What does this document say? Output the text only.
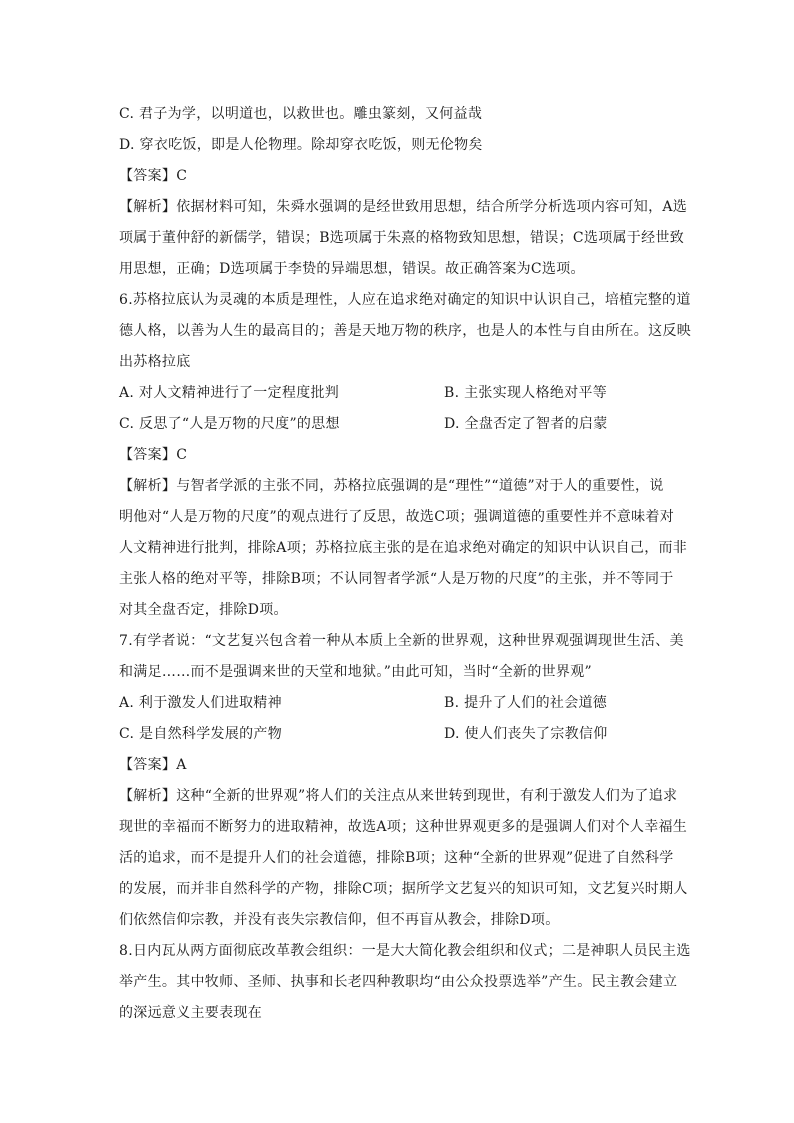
C. 君子为学，以明道也，以救世也。雕虫篆刻，又何益哉
D. 穿衣吃饭，即是人伦物理。除却穿衣吃饭，则无伦物矣
【答案】C
【解析】依据材料可知，朱舜水强调的是经世致用思想，结合所学分析选项内容可知，A选
项属于董仲舒的新儒学，错误；B选项属于朱熹的格物致知思想，错误；C选项属于经世致
用思想，正确；D选项属于李贽的异端思想，错误。故正确答案为C选项。
6.苏格拉底认为灵魂的本质是理性，人应在追求绝对确定的知识中认识自己，培植完整的道
德人格，以善为人生的最高目的；善是天地万物的秩序，也是人的本性与自由所在。这反映
出苏格拉底
A. 对人文精神进行了一定程度批判	B. 主张实现人格绝对平等
C. 反思了“人是万物的尺度”的思想	D. 全盘否定了智者的启蒙
【答案】C
【解析】与智者学派的主张不同，苏格拉底强调的是“理性”“道德”对于人的重要性，说
明他对“人是万物的尺度”的观点进行了反思，故选C项；强调道德的重要性并不意味着对
人文精神进行批判，排除A项；苏格拉底主张的是在追求绝对确定的知识中认识自己，而非
主张人格的绝对平等，排除B项；不认同智者学派“人是万物的尺度”的主张，并不等同于
对其全盘否定，排除D项。
7.有学者说：“文艺复兴包含着一种从本质上全新的世界观，这种世界观强调现世生活、美
和满足……而不是强调来世的天堂和地狱。”由此可知，当时“全新的世界观”
A. 利于激发人们进取精神	B. 提升了人们的社会道德
C. 是自然科学发展的产物	D. 使人们丧失了宗教信仰
【答案】A
【解析】这种“全新的世界观”将人们的关注点从来世转到现世，有利于激发人们为了追求
现世的幸福而不断努力的进取精神，故选A项；这种世界观更多的是强调人们对个人幸福生
活的追求，而不是提升人们的社会道德，排除B项；这种“全新的世界观”促进了自然科学
的发展，而并非自然科学的产物，排除C项；据所学文艺复兴的知识可知，文艺复兴时期人
们依然信仰宗教，并没有丧失宗教信仰，但不再盲从教会，排除D项。
8.日内瓦从两方面彻底改革教会组织：一是大大简化教会组织和仪式；二是神职人员民主选
举产生。其中牧师、圣师、执事和长老四种教职均“由公众投票选举”产生。民主教会建立
的深远意义主要表现在
